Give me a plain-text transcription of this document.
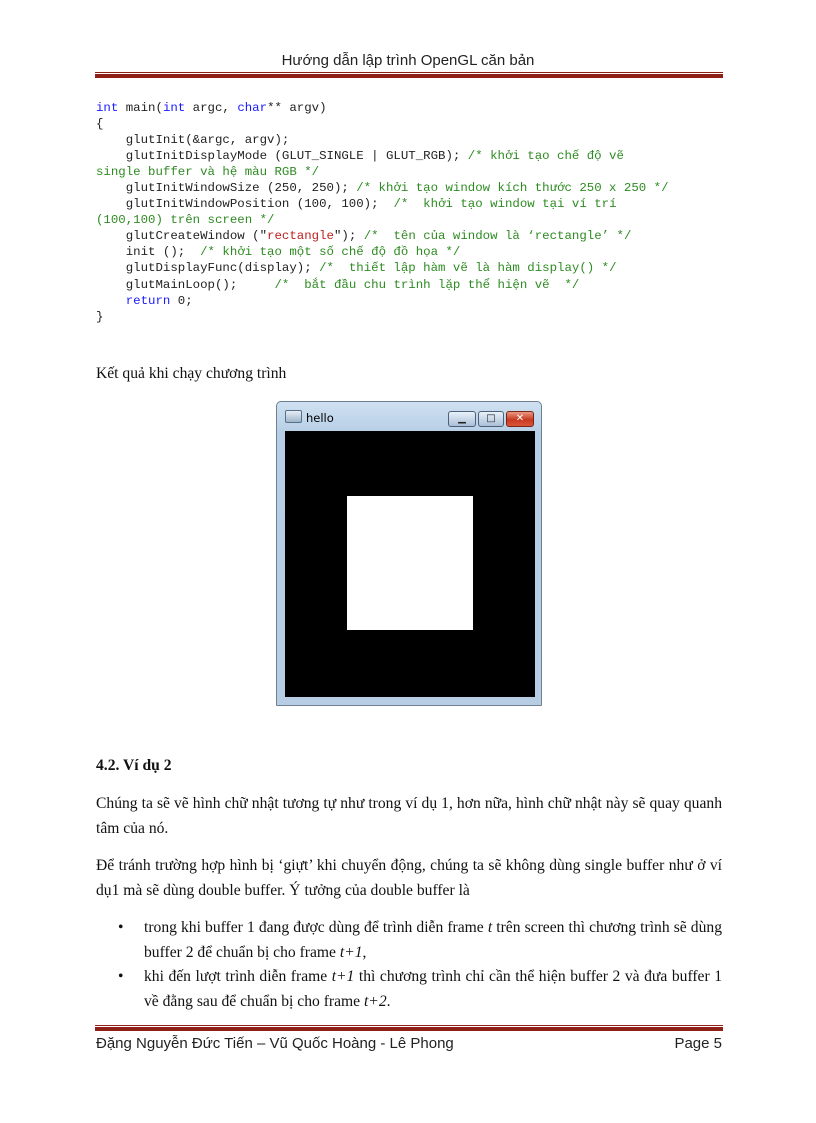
Hướng dẫn lập trình OpenGL căn bản
int main(int argc, char** argv)
{
glutInit(&argc, argv);
glutInitDisplayMode (GLUT_SINGLE | GLUT_RGB); /* khởi tạo chế độ vẽ
single buffer và hệ màu RGB */
glutInitWindowSize (250, 250); /* khởi tạo window kích thước 250 x 250 */
glutInitWindowPosition (100, 100);  /*  khởi tạo window tại ví trí
(100,100) trên screen */
glutCreateWindow ("rectangle"); /*  tên của window là ‘rectangle’ */
init ();  /* khởi tạo một số chế độ đồ họa */
glutDisplayFunc(display); /*  thiết lập hàm vẽ là hàm display() */
glutMainLoop();     /*  bắt đầu chu trình lặp thể hiện vẽ  */
return 0;
}
Kết quả khi chạy chương trình
hello	▁	□	✕
4.2. Ví dụ 2
Chúng ta sẽ vẽ hình chữ nhật tương tự như trong ví dụ 1, hơn nữa, hình chữ nhật này sẽ quay quanh tâm của nó.
Để tránh trường hợp hình bị ‘giựt’ khi chuyển động, chúng ta sẽ không dùng single buffer như ở ví dụ1 mà sẽ dùng double buffer. Ý tưởng của double buffer là
• trong khi buffer 1 đang được dùng để trình diễn frame t trên screen thì chương trình sẽ dùng buffer 2 để chuẩn bị cho frame t+1,
• khi đến lượt trình diễn frame t+1 thì chương trình chỉ cần thể hiện buffer 2 và đưa buffer 1 về đằng sau để chuẩn bị cho frame t+2.
Đặng Nguyễn Đức Tiến – Vũ Quốc Hoàng - Lê Phong	Page 5
